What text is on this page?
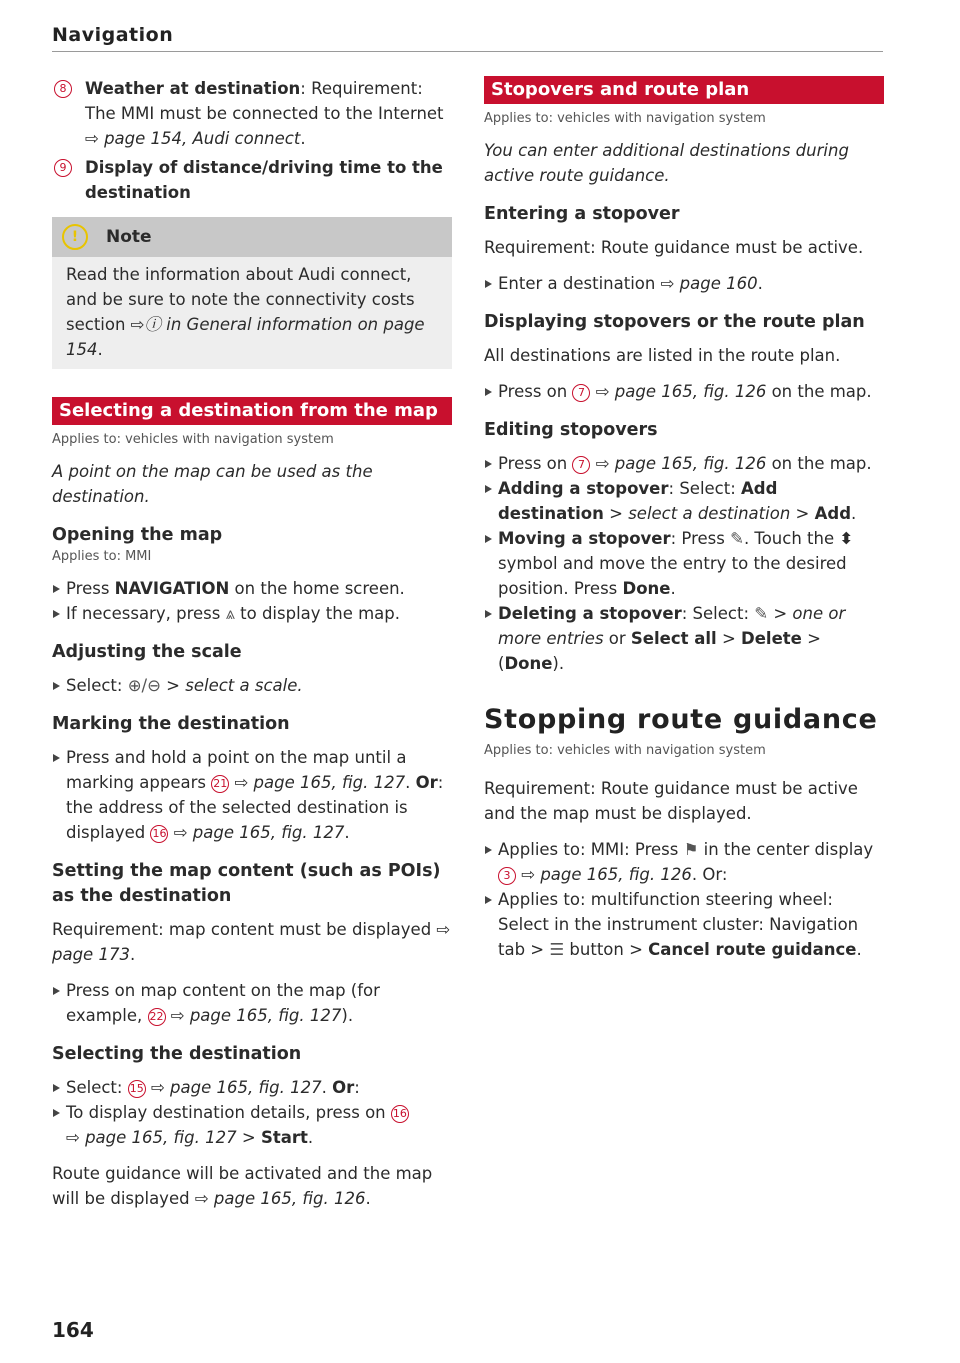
Navigation

8	Weather at destination: Requirement: The MMI must be connected to the Internet ⇨ page 154, Audi connect.

9	Display of distance/driving time to the destination

!	Note
Read the information about Audi connect, and be sure to note the connectivity costs section ⇨ⓘ in General information on page 154.
Selecting a destination from the map
Applies to: vehicles with navigation system

A point on the map can be used as the destination.

Opening the map
Applies to: MMI

Press NAVIGATION on the home screen.

If necessary, press ⩓ to display the map.

Adjusting the scale

Select: ⊕/⊖ > select a scale.

Marking the destination

Press and hold a point on the map until a marking appears 21 ⇨ page 165, fig. 127. Or: the address of the selected destination is displayed 16 ⇨ page 165, fig. 127.

Setting the map content (such as POIs) as the destination

Requirement: map content must be displayed ⇨ page 173.

Press on map content on the map (for example, 22 ⇨ page 165, fig. 127).

Selecting the destination

Select: 15 ⇨ page 165, fig. 127. Or:

To display destination details, press on 16
⇨ page 165, fig. 127 > Start.

Route guidance will be activated and the map will be displayed ⇨ page 165, fig. 126.

164
Stopovers and route plan
Applies to: vehicles with navigation system

You can enter additional destinations during active route guidance.

Entering a stopover

Requirement: Route guidance must be active.

Enter a destination ⇨ page 160.

Displaying stopovers or the route plan

All destinations are listed in the route plan.

Press on 7 ⇨ page 165, fig. 126 on the map.

Editing stopovers

Press on 7 ⇨ page 165, fig. 126 on the map.

Adding a stopover: Select: Add destination > select a destination > Add.

Moving a stopover: Press ✎. Touch the ⬍ symbol and move the entry to the desired position. Press Done.

Deleting a stopover: Select: ✎ > one or more entries or Select all > Delete > (Done).

Stopping route guidance
Applies to: vehicles with navigation system

Requirement: Route guidance must be active and the map must be displayed.

Applies to: MMI: Press ⚑ in the center display 3 ⇨ page 165, fig. 126. Or:

Applies to: multifunction steering wheel: Select in the instrument cluster: Navigation tab > ☰ button > Cancel route guidance.
